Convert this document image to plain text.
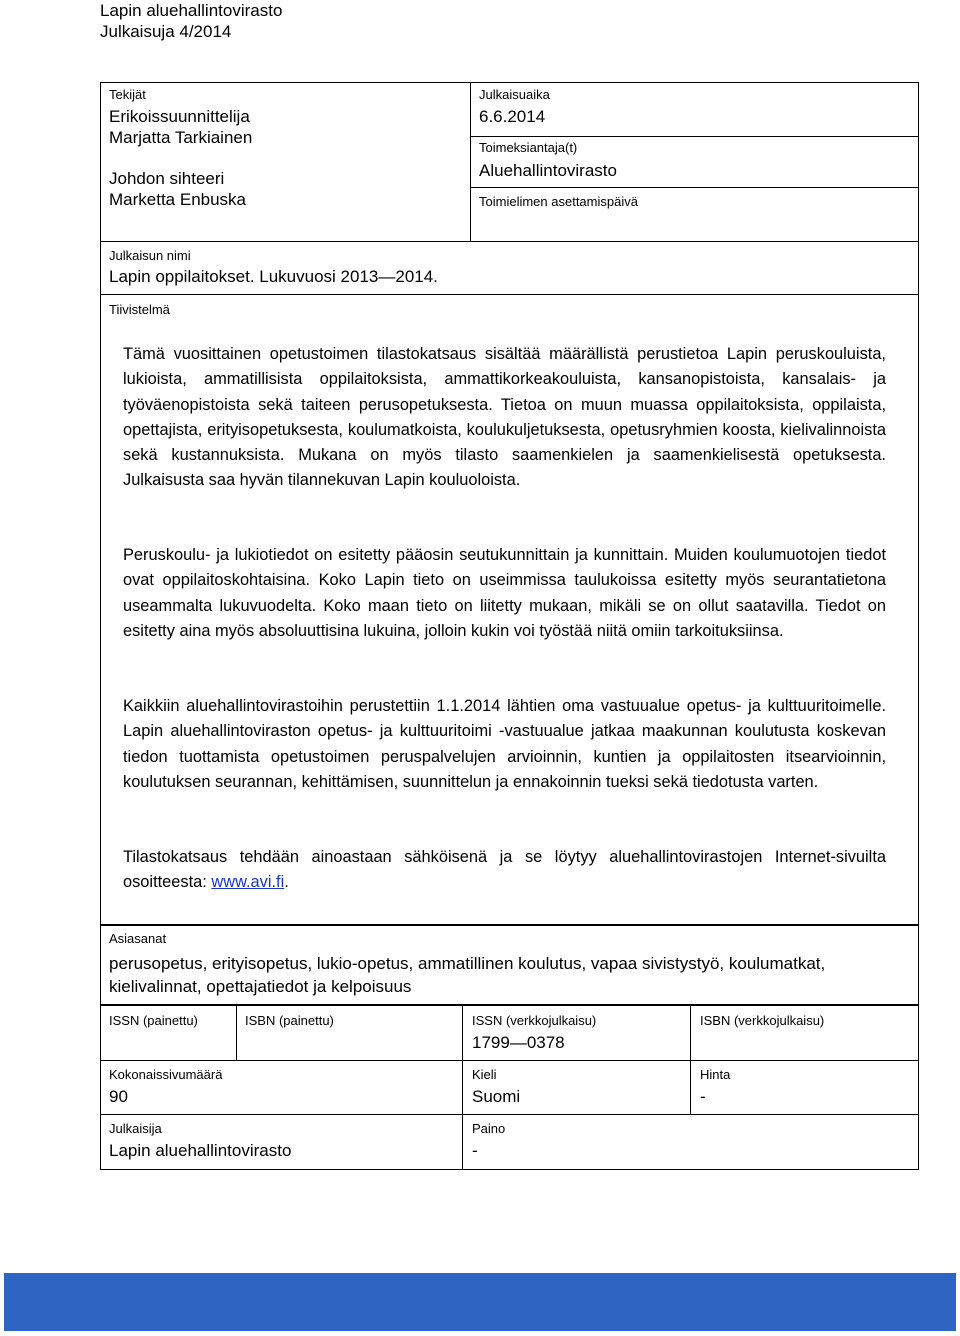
Lapin aluehallintovirasto
Julkaisuja 4/2014
Tekijät
Erikoissuunnittelija
Marjatta Tarkiainen
Johdon sihteeri
Marketta Enbuska
Julkaisuaika
6.6.2014
Toimeksiantaja(t)
Aluehallintovirasto
Toimielimen asettamispäivä
Julkaisun nimi
Lapin oppilaitokset. Lukuvuosi 2013—2014.
Tiivistelmä

Tämä vuosittainen opetustoimen tilastokatsaus sisältää määrällistä perustietoa Lapin peruskouluista, lukioista, ammatillisista oppilaitoksista, ammattikorkeakouluista, kansanopistoista, kansalais- ja työväenopistoista sekä taiteen perusopetuksesta. Tietoa on muun muassa oppilaitoksista, oppilaista, opettajista, erityisopetuksesta, koulumatkoista, koulukuljetuksesta, opetusryhmien koosta, kielivalinnoista sekä kustannuksista. Mukana on myös tilasto saamenkielen ja saamenkielisestä opetuksesta. Julkaisusta saa hyvän tilannekuvan Lapin kouluoloista.

Peruskoulu- ja lukiotiedot on esitetty pääosin seutukunnittain ja kunnittain. Muiden koulumuotojen tiedot ovat oppilaitoskohtaisina. Koko Lapin tieto on useimmissa taulukoissa esitetty myös seurantatietona useammalta lukuvuodelta. Koko maan tieto on liitetty mukaan, mikäli se on ollut saatavilla. Tiedot on esitetty aina myös absoluuttisina lukuina, jolloin kukin voi työstää niitä omiin tarkoituksiinsa.

Kaikkiin aluehallintovirastoihin perustettiin 1.1.2014 lähtien oma vastuualue opetus- ja kulttuuritoimelle. Lapin aluehallintoviraston opetus- ja kulttuuritoimi -vastuualue jatkaa maakunnan koulutusta koskevan tiedon tuottamista opetustoimen peruspalvelujen arvioinnin, kuntien ja oppilaitosten itsearvioinnin, koulutuksen seurannan, kehittämisen, suunnittelun ja ennakoinnin tueksi sekä tiedotusta varten.

Tilastokatsaus tehdään ainoastaan sähköisenä ja se löytyy aluehallintovirastojen Internet-sivuilta osoitteesta: www.avi.fi.

Asiasanat
perusopetus, erityisopetus, lukio-opetus, ammatillinen koulutus, vapaa sivistystyö, koulumatkat, kielivalinnat, opettajatiedot ja kelpoisuus
ISSN (painettu)	ISBN (painettu)	ISSN (verkkojulkaisu)
1799—0378
ISBN (verkkojulkaisu)
Kokonaissivumäärä
90
Kieli
Suomi
Hinta
-
Julkaisija
Lapin aluehallintovirasto
Paino
-
